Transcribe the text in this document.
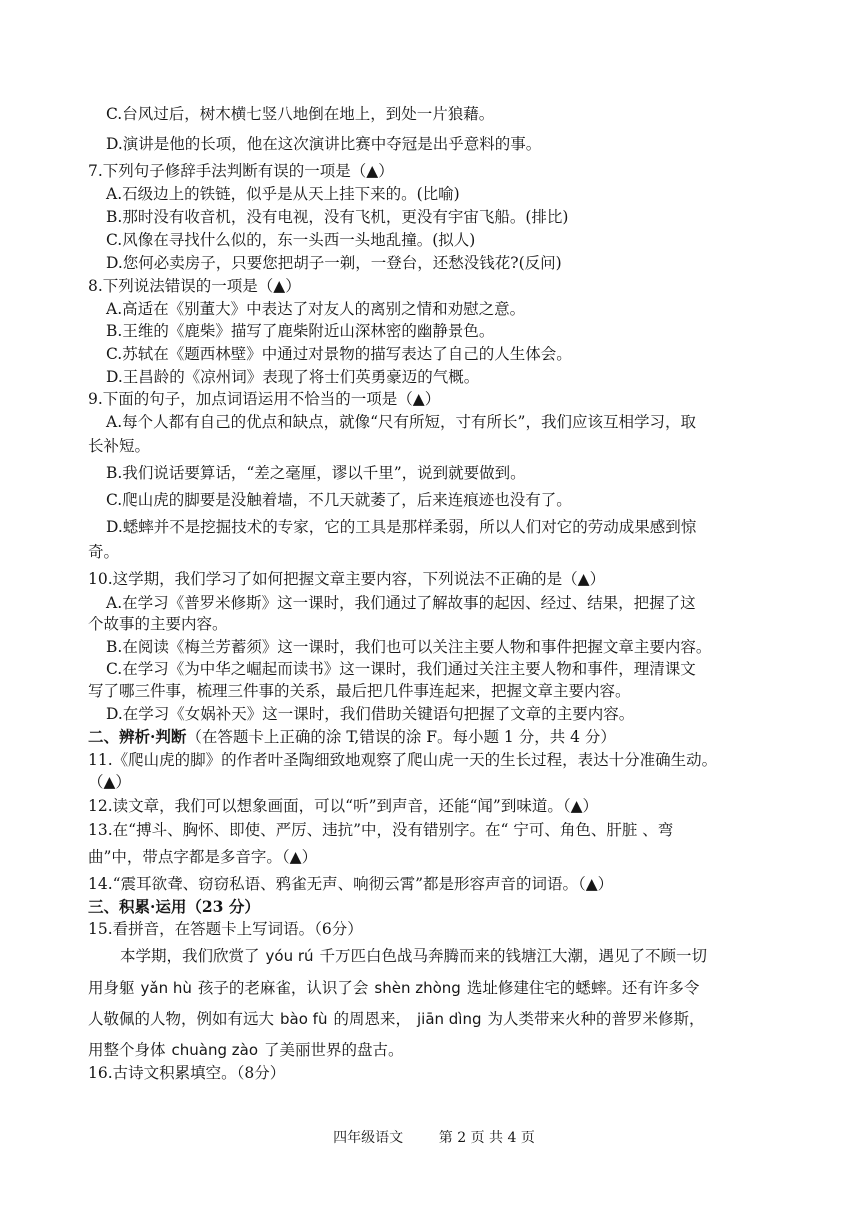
C.台风过后，树木横七竖八地倒在地上，到处一片狼藉。
D.演讲是他的长项，他在这次演讲比赛中夺冠是出乎意料的事。
7.下列句子修辞手法判断有误的一项是（▲）
A.石级边上的铁链，似乎是从天上挂下来的。(比喻)
B.那时没有收音机，没有电视，没有飞机，更没有宇宙飞船。(排比)
C.风像在寻找什么似的，东一头西一头地乱撞。(拟人)
D.您何必卖房子，只要您把胡子一剃，一登台，还愁没钱花?(反问)
8.下列说法错误的一项是（▲）
A.高适在《别董大》中表达了对友人的离别之情和劝慰之意。
B.王维的《鹿柴》描写了鹿柴附近山深林密的幽静景色。
C.苏轼在《题西林壁》中通过对景物的描写表达了自己的人生体会。
D.王昌龄的《凉州词》表现了将士们英勇豪迈的气概。
9.下面的句子，加点词语运用不恰当的一项是（▲）
A.每个人都有自己的优点和缺点，就像“尺有所短，寸有所长”，我们应该互相学习，取
长补短。
B.我们说话要算话，“差之毫厘，谬以千里”，说到就要做到。
C.爬山虎的脚要是没触着墙，不几天就萎了，后来连痕迹也没有了。
D.蟋蟀并不是挖掘技术的专家，它的工具是那样柔弱，所以人们对它的劳动成果感到惊
奇。
10.这学期，我们学习了如何把握文章主要内容，下列说法不正确的是（▲）
A.在学习《普罗米修斯》这一课时，我们通过了解故事的起因、经过、结果，把握了这
个故事的主要内容。
B.在阅读《梅兰芳蓄须》这一课时，我们也可以关注主要人物和事件把握文章主要内容。
C.在学习《为中华之崛起而读书》这一课时，我们通过关注主要人物和事件，理清课文
写了哪三件事，梳理三件事的关系，最后把几件事连起来，把握文章主要内容。
D.在学习《女娲补天》这一课时，我们借助关键语句把握了文章的主要内容。
二、辨析·判断（在答题卡上正确的涂 T,错误的涂 F。每小题 1 分，共 4 分）
11.《爬山虎的脚》的作者叶圣陶细致地观察了爬山虎一天的生长过程，表达十分准确生动。
（▲）
12.读文章，我们可以想象画面，可以“听”到声音，还能“闻”到味道。（▲）
13.在“搏斗、胸怀、即使、严厉、违抗”中，没有错别字。在“ 宁可、角色、肝脏 、弯
曲”中，带点字都是多音字。（▲）
14.“震耳欲聋、窃窃私语、鸦雀无声、响彻云霄”都是形容声音的词语。（▲）
三、积累·运用（23 分）
15.看拼音，在答题卡上写词语。（6分）
本学期，我们欣赏了 yóu rú 千万匹白色战马奔腾而来的钱塘江大潮，遇见了不顾一切
用身躯 yǎn hù 孩子的老麻雀，认识了会 shèn zhòng 选址修建住宅的蟋蟀。还有许多令
人敬佩的人物，例如有远大 bào fù 的周恩来， jiān dìng 为人类带来火种的普罗米修斯，
用整个身体 chuàng zào 了美丽世界的盘古。
16.古诗文积累填空。（8分）
四年级语文	第 2 页 共 4 页
